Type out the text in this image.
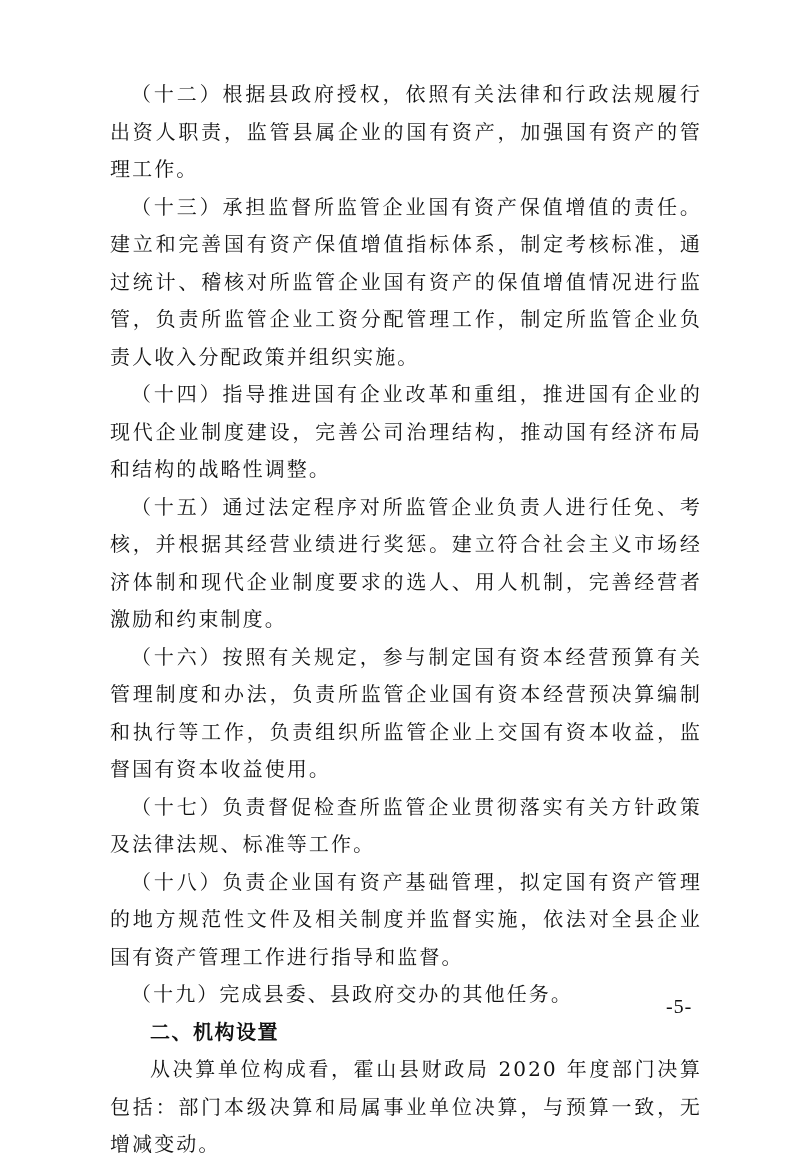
（十二）根据县政府授权，依照有关法律和行政法规履行出资人职责，监管县属企业的国有资产，加强国有资产的管理工作。

（十三）承担监督所监管企业国有资产保值增值的责任。建立和完善国有资产保值增值指标体系，制定考核标准，通过统计、稽核对所监管企业国有资产的保值增值情况进行监管，负责所监管企业工资分配管理工作，制定所监管企业负责人收入分配政策并组织实施。

（十四）指导推进国有企业改革和重组，推进国有企业的现代企业制度建设，完善公司治理结构，推动国有经济布局和结构的战略性调整。

（十五）通过法定程序对所监管企业负责人进行任免、考核，并根据其经营业绩进行奖惩。建立符合社会主义市场经济体制和现代企业制度要求的选人、用人机制，完善经营者激励和约束制度。

（十六）按照有关规定，参与制定国有资本经营预算有关管理制度和办法，负责所监管企业国有资本经营预决算编制和执行等工作，负责组织所监管企业上交国有资本收益，监督国有资本收益使用。

（十七）负责督促检查所监管企业贯彻落实有关方针政策及法律法规、标准等工作。

（十八）负责企业国有资产基础管理，拟定国有资产管理的地方规范性文件及相关制度并监督实施，依法对全县企业国有资产管理工作进行指导和监督。

（十九）完成县委、县政府交办的其他任务。

二、机构设置

从决算单位构成看，霍山县财政局 2020 年度部门决算包括：部门本级决算和局属事业单位决算，与预算一致，无增减变动。

-5-
